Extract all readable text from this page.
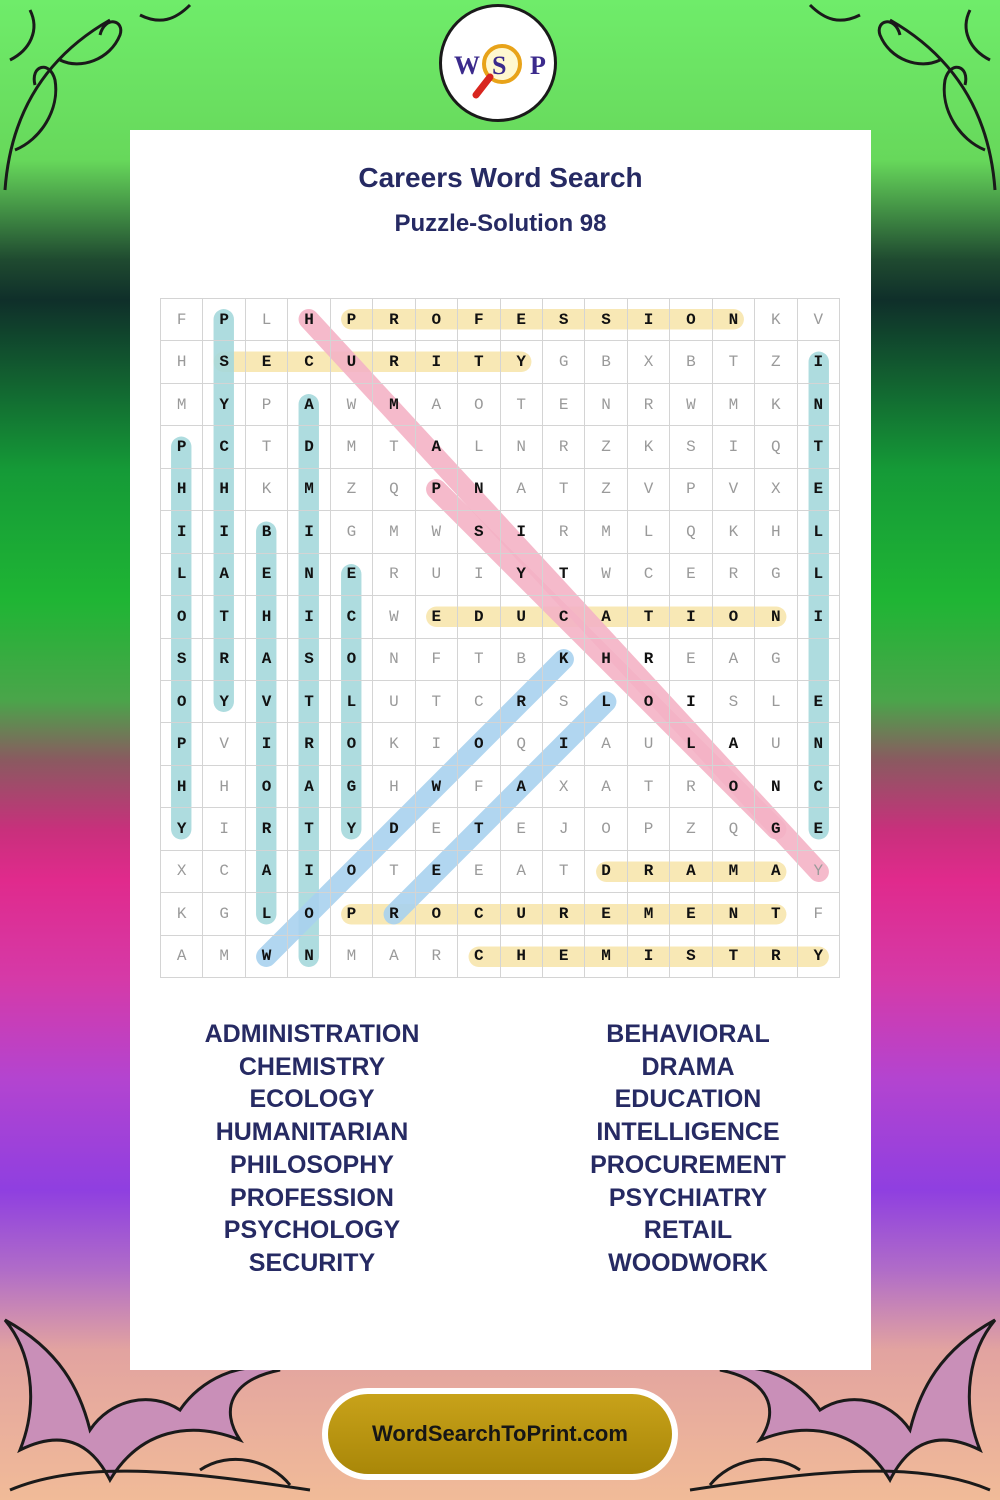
W S P
Careers Word Search
Puzzle-Solution 98
F	P	L	H	P	R	O	F	E	S	S	I	O	N	K	V
H	S	E	C	U	R	I	T	Y	G	B	X	B	T	Z	I
M	Y	P	A	W	M	A	O	T	E	N	R	W	M	K	N
P	C	T	D	M	T	A	L	N	R	Z	K	S	I	Q	T
H	H	K	M	Z	Q	P	N	A	T	Z	V	P	V	X	E
I	I	B	I	G	M	W	S	I	R	M	L	Q	K	H	L
L	A	E	N	E	R	U	I	Y	T	W	C	E	R	G	L
O	T	H	I	C	W	E	D	U	C	A	T	I	O	N	I
S	R	A	S	O	N	F	T	B	K	H	R	E	A	G
O	Y	V	T	L	U	T	C	R	S	L	O	I	S	L	E
P	V	I	R	O	K	I	O	Q	I	A	U	L	A	U	N
H	H	O	A	G	H	W	F	A	X	A	T	R	O	N	C
Y	I	R	T	Y	D	E	T	E	J	O	P	Z	Q	G	E
X	C	A	I	O	T	E	E	A	T	D	R	A	M	A	Y
K	G	L	O	P	R	O	C	U	R	E	M	E	N	T	F
A	M	W	N	M	A	R	C	H	E	M	I	S	T	R	Y
ADMINISTRATION
CHEMISTRY
ECOLOGY
HUMANITARIAN
PHILOSOPHY
PROFESSION
PSYCHOLOGY
SECURITY
BEHAVIORAL
DRAMA
EDUCATION
INTELLIGENCE
PROCUREMENT
PSYCHIATRY
RETAIL
WOODWORK
WordSearchToPrint.com
